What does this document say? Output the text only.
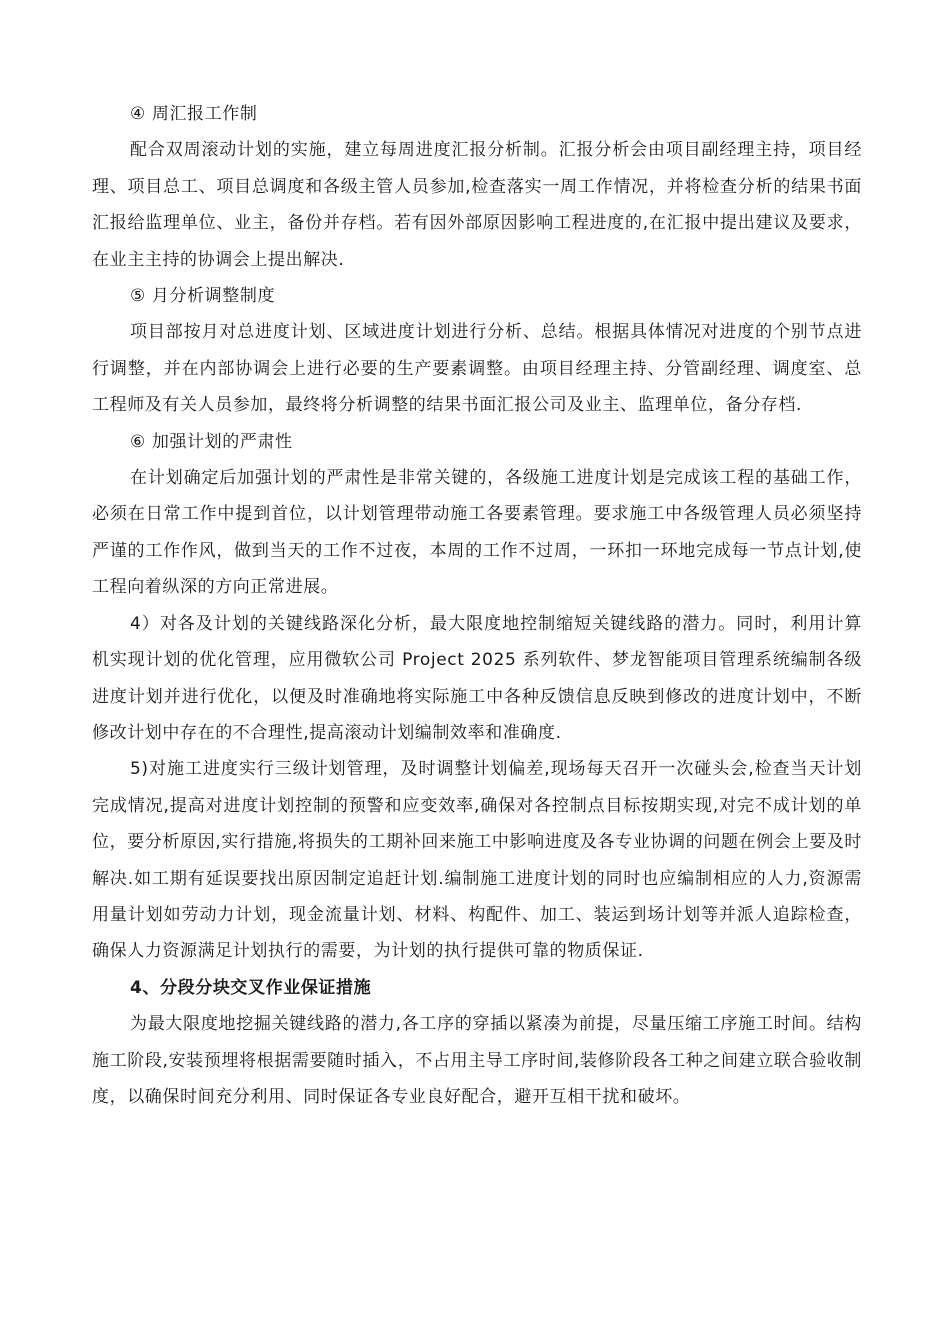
④ 周汇报工作制

配合双周滚动计划的实施，建立每周进度汇报分析制。汇报分析会由项目副经理主持，项目经理、项目总工、项目总调度和各级主管人员参加,检查落实一周工作情况，并将检查分析的结果书面汇报给监理单位、业主，备份并存档。若有因外部原因影响工程进度的,在汇报中提出建议及要求，在业主主持的协调会上提出解决.

⑤ 月分析调整制度

项目部按月对总进度计划、区域进度计划进行分析、总结。根据具体情况对进度的个别节点进行调整，并在内部协调会上进行必要的生产要素调整。由项目经理主持、分管副经理、调度室、总工程师及有关人员参加，最终将分析调整的结果书面汇报公司及业主、监理单位，备分存档.

⑥ 加强计划的严肃性

在计划确定后加强计划的严肃性是非常关键的，各级施工进度计划是完成该工程的基础工作，必须在日常工作中提到首位，以计划管理带动施工各要素管理。要求施工中各级管理人员必须坚持严谨的工作作风，做到当天的工作不过夜，本周的工作不过周，一环扣一环地完成每一节点计划,使工程向着纵深的方向正常进展。

4）对各及计划的关键线路深化分析，最大限度地控制缩短关键线路的潜力。同时，利用计算机实现计划的优化管理，应用微软公司 Project 2025 系列软件、梦龙智能项目管理系统编制各级进度计划并进行优化，以便及时准确地将实际施工中各种反馈信息反映到修改的进度计划中，不断修改计划中存在的不合理性,提高滚动计划编制效率和准确度.

5)对施工进度实行三级计划管理，及时调整计划偏差,现场每天召开一次碰头会,检查当天计划完成情况,提高对进度计划控制的预警和应变效率,确保对各控制点目标按期实现,对完不成计划的单位，要分析原因,实行措施,将损失的工期补回来施工中影响进度及各专业协调的问题在例会上要及时解决.如工期有延误要找出原因制定追赶计划.编制施工进度计划的同时也应编制相应的人力,资源需用量计划如劳动力计划，现金流量计划、材料、构配件、加工、装运到场计划等并派人追踪检查，确保人力资源满足计划执行的需要，为计划的执行提供可靠的物质保证.

4、分段分块交叉作业保证措施

为最大限度地挖掘关键线路的潜力,各工序的穿插以紧凑为前提，尽量压缩工序施工时间。结构施工阶段,安装预埋将根据需要随时插入，不占用主导工序时间,装修阶段各工种之间建立联合验收制度，以确保时间充分利用、同时保证各专业良好配合，避开互相干扰和破坏。
